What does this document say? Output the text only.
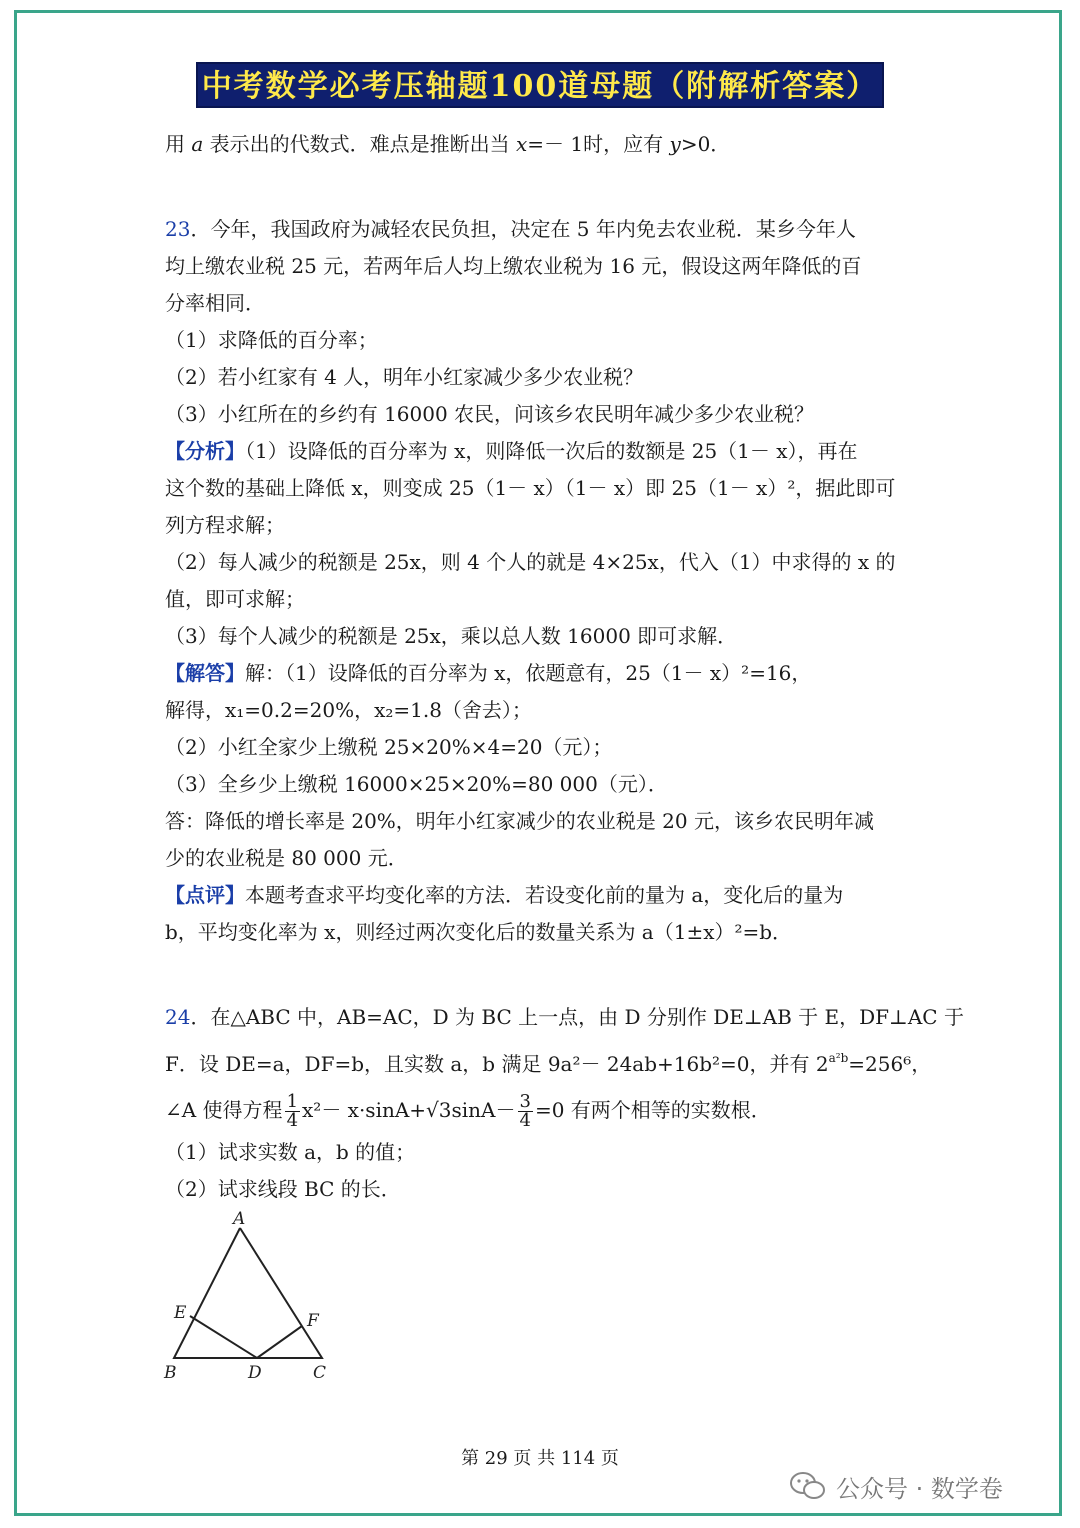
中考数学必考压轴题100道母题（附解析答案）
用 a 表示出的代数式．难点是推断出当 x=－ 1时，应有 y>0．
23．今年，我国政府为减轻农民负担，决定在 5 年内免去农业税．某乡今年人
均上缴农业税 25 元，若两年后人均上缴农业税为 16 元，假设这两年降低的百
分率相同．
（1）求降低的百分率；
（2）若小红家有 4 人，明年小红家减少多少农业税？
（3）小红所在的乡约有 16000 农民，问该乡农民明年减少多少农业税？
【分析】（1）设降低的百分率为 x，则降低一次后的数额是 25（1－ x），再在
这个数的基础上降低 x，则变成 25（1－ x）（1－ x）即 25（1－ x）²，据此即可
列方程求解；
（2）每人减少的税额是 25x，则 4 个人的就是 4×25x，代入（1）中求得的 x 的
值，即可求解；
（3）每个人减少的税额是 25x，乘以总人数 16000 即可求解．
【解答】解：（1）设降低的百分率为 x，依题意有，25（1－ x）²=16，
解得，x₁=0.2=20%，x₂=1.8（舍去）；
（2）小红全家少上缴税 25×20%×4=20（元）；
（3）全乡少上缴税 16000×25×20%=80 000（元）．
答：降低的增长率是 20%，明年小红家减少的农业税是 20 元，该乡农民明年减
少的农业税是 80 000 元．
【点评】本题考查求平均变化率的方法．若设变化前的量为 a，变化后的量为
b，平均变化率为 x，则经过两次变化后的数量关系为 a（1±x）²=b．
24．在△ABC 中，AB=AC，D 为 BC 上一点，由 D 分别作 DE⊥AB 于 E，DF⊥AC 于
F．设 DE=a，DF=b，且实数 a，b 满足 9a²－ 24ab+16b²=0，并有 $2^{a^2b}=256^6$，
∠A 使得方程 $\frac{1}{4} x^2- x\cdot\sin A+√3\sin A- \frac{3}{4} =0$ 有两个相等的实数根．
（1）试求实数 a，b 的值；
（2）试求线段 BC 的长．
A
B	C
D
E	F
第 29 页 共 114 页
公众号 · 数学卷
